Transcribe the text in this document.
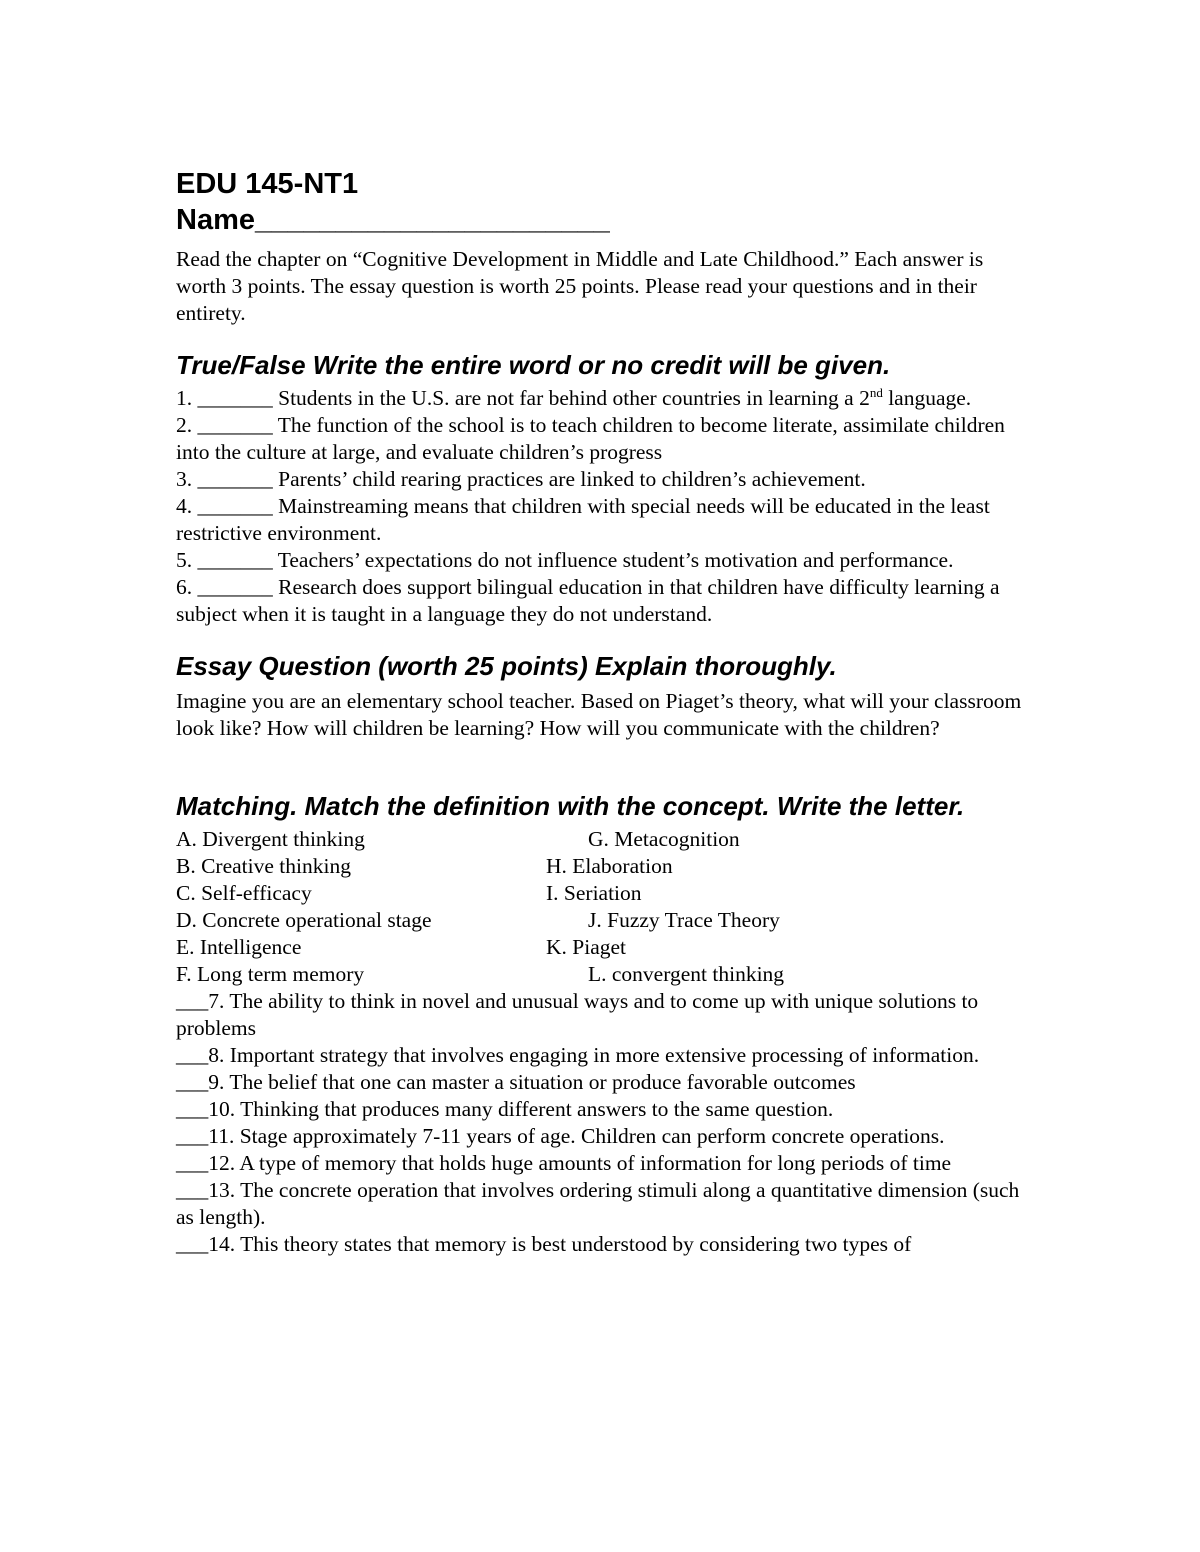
EDU 145-NT1
Name______________________

Read the chapter on “Cognitive Development in Middle and Late Childhood.” Each answer is worth 3 points. The essay question is worth 25 points. Please read your questions and in their entirety.

True/False Write the entire word or no credit will be given.
1. _______ Students in the U.S. are not far behind other countries in learning a 2nd language.
2. _______ The function of the school is to teach children to become literate, assimilate children into the culture at large, and evaluate children’s progress
3. _______ Parents’ child rearing practices are linked to children’s achievement.
4. _______ Mainstreaming means that children with special needs will be educated in the least restrictive environment.
5. _______ Teachers’ expectations do not influence student’s motivation and performance.
6. _______ Research does support bilingual education in that children have difficulty learning a subject when it is taught in a language they do not understand.
Essay Question (worth 25 points) Explain thoroughly.

Imagine you are an elementary school teacher. Based on Piaget’s theory, what will your classroom look like? How will children be learning? How will you communicate with the children?

Matching. Match the definition with the concept. Write the letter.
A. Divergent thinking	G. Metacognition
B. Creative thinking	H. Elaboration
C. Self-efficacy	I. Seriation
D. Concrete operational stage	J. Fuzzy Trace Theory
E. Intelligence	K. Piaget
F. Long term memory	L. convergent thinking
___7. The ability to think in novel and unusual ways and to come up with unique solutions to problems
___8. Important strategy that involves engaging in more extensive processing of information.
___9. The belief that one can master a situation or produce favorable outcomes
___10. Thinking that produces many different answers to the same question.
___11. Stage approximately 7-11 years of age. Children can perform concrete operations.
___12. A type of memory that holds huge amounts of information for long periods of time
___13. The concrete operation that involves ordering stimuli along a quantitative dimension (such as length).
___14. This theory states that memory is best understood by considering two types of
